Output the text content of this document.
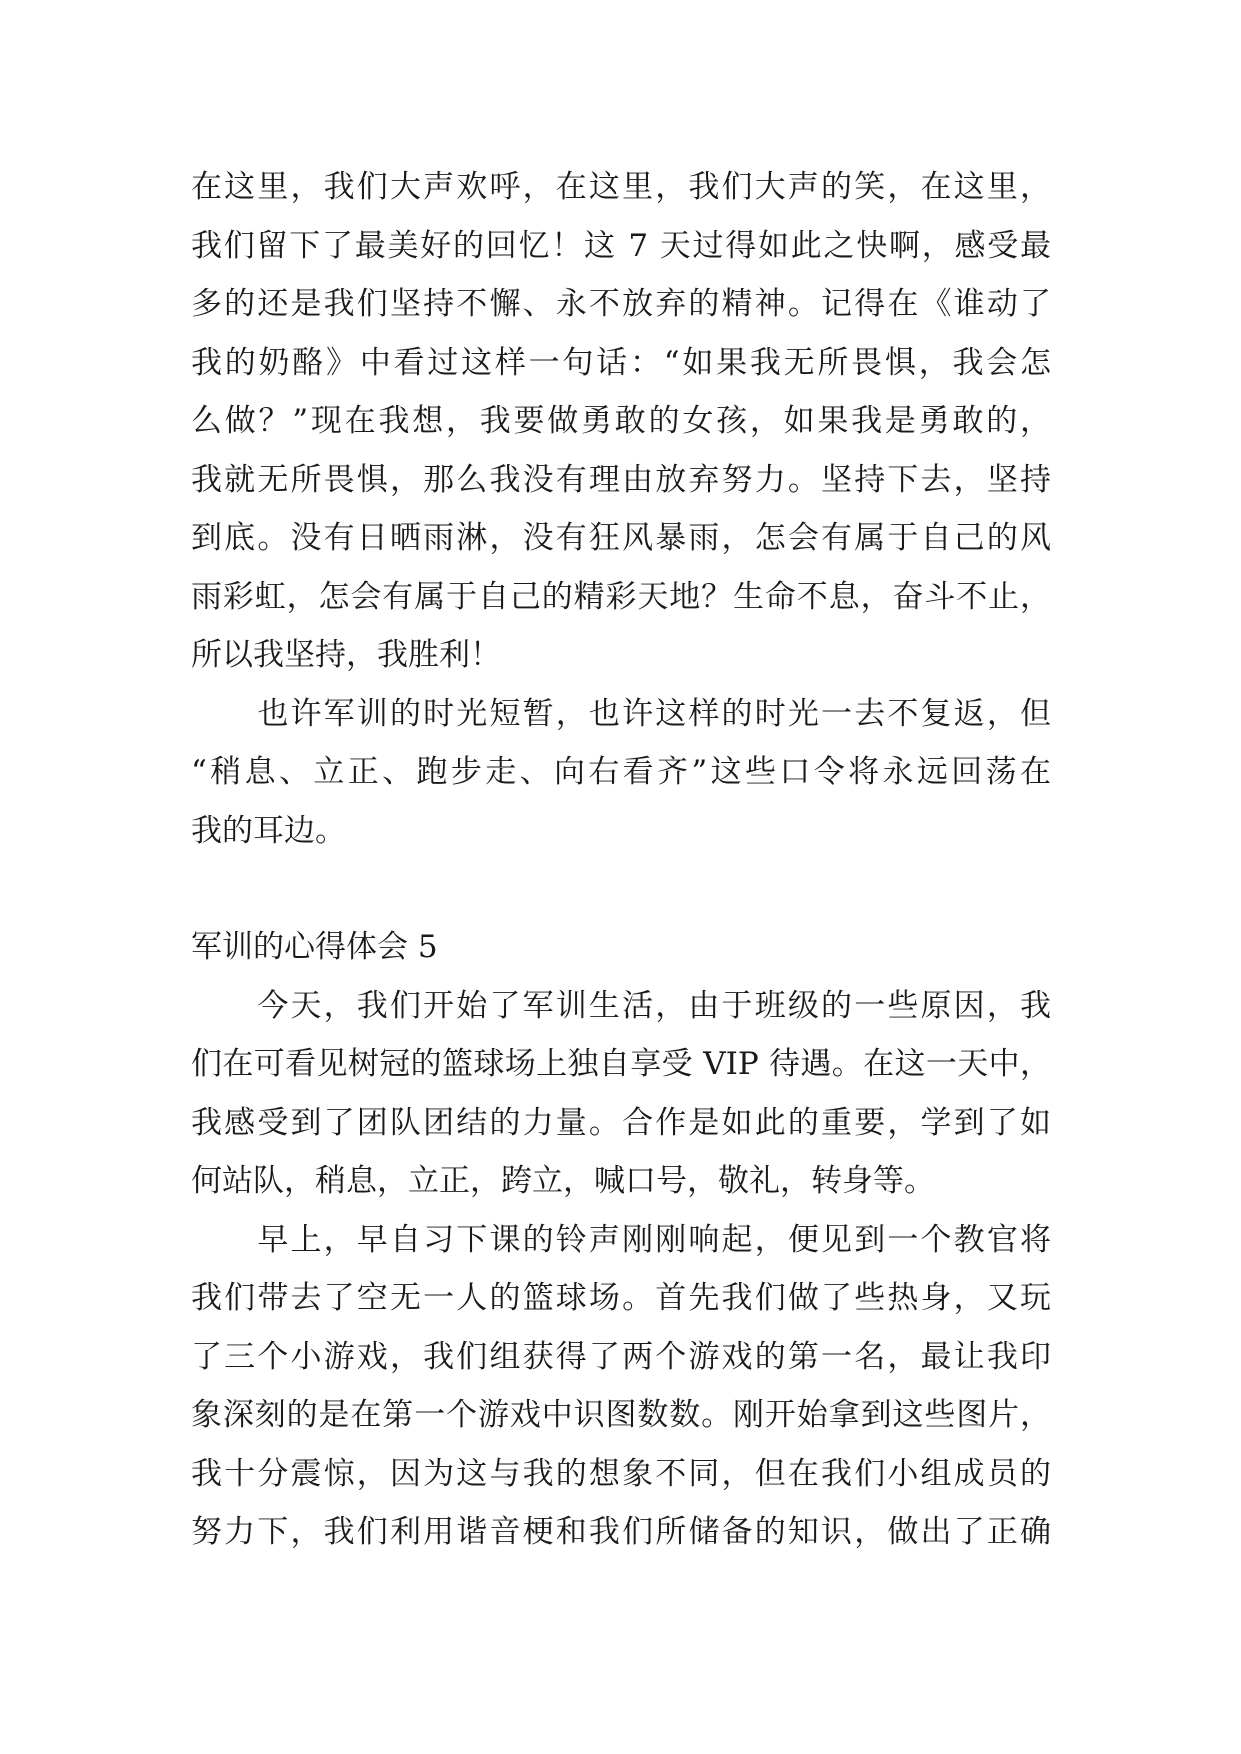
在这里，我们大声欢呼，在这里，我们大声的笑，在这里，
我们留下了最美好的回忆！这 7 天过得如此之快啊，感受最
多的还是我们坚持不懈、永不放弃的精神。记得在《谁动了
我的奶酪》中看过这样一句话：“如果我无所畏惧，我会怎
么做？”现在我想，我要做勇敢的女孩，如果我是勇敢的，
我就无所畏惧，那么我没有理由放弃努力。坚持下去，坚持
到底。没有日晒雨淋，没有狂风暴雨，怎会有属于自己的风
雨彩虹，怎会有属于自己的精彩天地？生命不息，奋斗不止，
所以我坚持，我胜利！
　　也许军训的时光短暂，也许这样的时光一去不复返，但
“稍息、立正、跑步走、向右看齐”这些口令将永远回荡在
我的耳边。
军训的心得体会 5
　　今天，我们开始了军训生活，由于班级的一些原因，我
们在可看见树冠的篮球场上独自享受 VIP 待遇。在这一天中，
我感受到了团队团结的力量。合作是如此的重要，学到了如
何站队，稍息，立正，跨立，喊口号，敬礼，转身等。
　　早上，早自习下课的铃声刚刚响起，便见到一个教官将
我们带去了空无一人的篮球场。首先我们做了些热身，又玩
了三个小游戏，我们组获得了两个游戏的第一名，最让我印
象深刻的是在第一个游戏中识图数数。刚开始拿到这些图片，
我十分震惊，因为这与我的想象不同，但在我们小组成员的
努力下，我们利用谐音梗和我们所储备的知识，做出了正确
